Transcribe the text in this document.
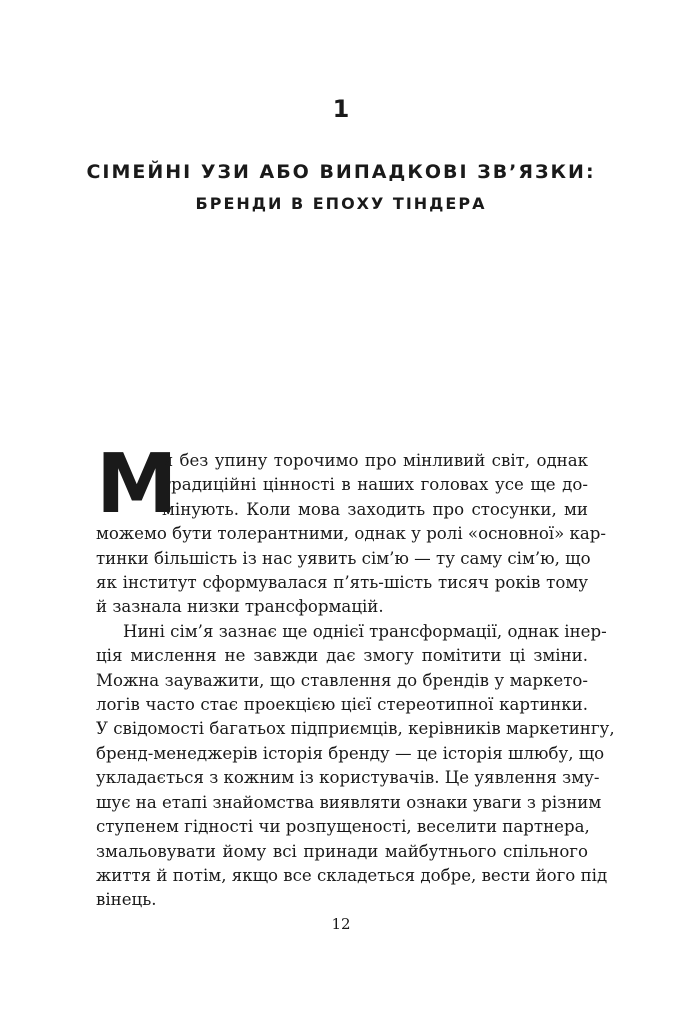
1
СІМЕЙНІ УЗИ АБО ВИПАДКОВІ ЗВ’ЯЗКИ:
БРЕНДИ В ЕПОХУ ТІНДЕРА
М
и без упину торочимо про мінливий світ, однак
традиційні цінності в наших головах усе ще до-
мінують. Коли мова заходить про стосунки, ми
можемо бути толерантними, однак у ролі «основної» кар-
тинки більшість із нас уявить сім’ю — ту саму сім’ю, що
як інститут сформувалася п’ять-шість тисяч років тому
й зазнала низки трансформацій.
Нині сім’я зазнає ще однієї трансформації, однак інер-
ція мислення не завжди дає змогу помітити ці зміни.
Можна зауважити, що ставлення до брендів у маркето-
логів часто стає проекцією цієї стереотипної картинки.
У свідомості багатьох підприємців, керівників маркетингу,
бренд-менеджерів історія бренду — це історія шлюбу, що
укладається з кожним із користувачів. Це уявлення зму-
шує на етапі знайомства виявляти ознаки уваги з різним
ступенем гідності чи розпущеності, веселити партнера,
змальовувати йому всі принади майбутнього спільного
життя й потім, якщо все складеться добре, вести його під
вінець.
12
